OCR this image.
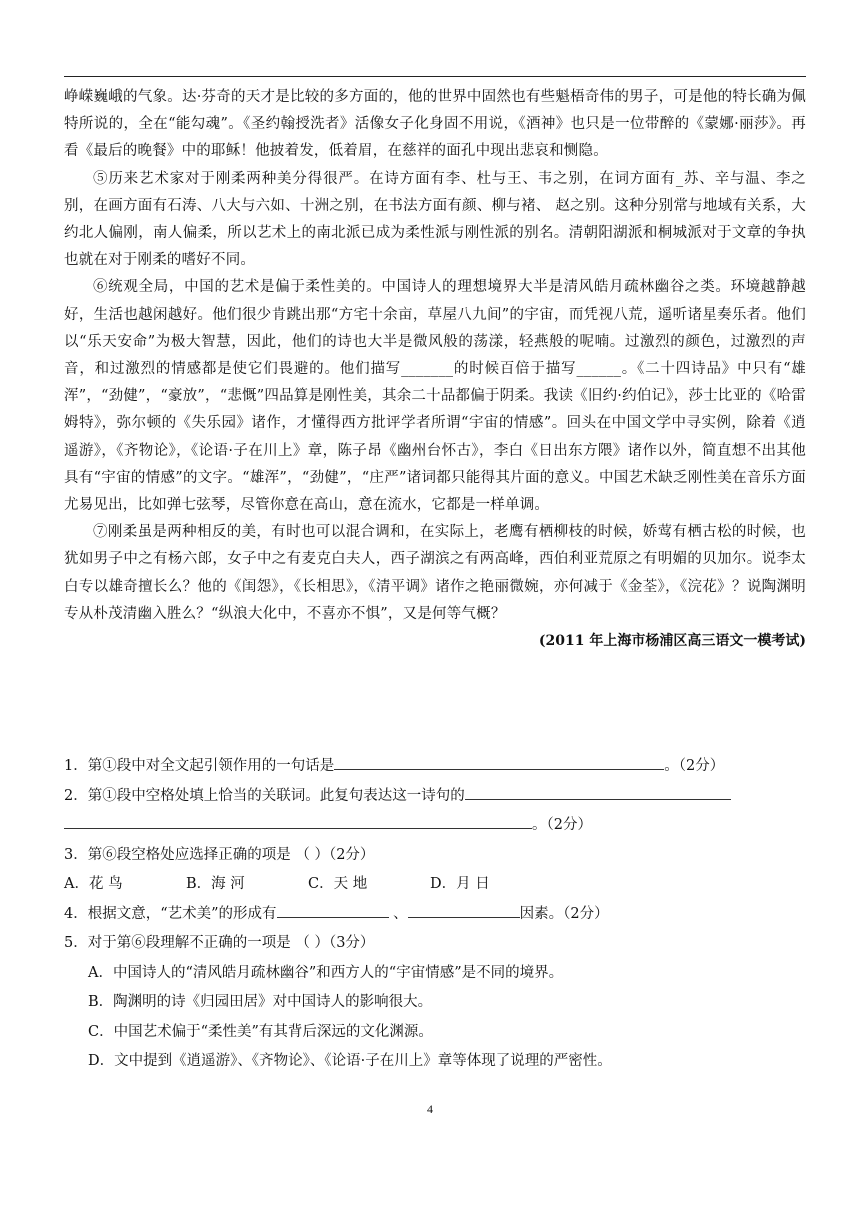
峥嵘巍峨的气象。达·芬奇的天才是比较的多方面的，他的世界中固然也有些魁梧奇伟的男子，可是他的特长确为佩特所说的，全在“能勾魂”。《圣约翰授洗者》活像女子化身固不用说，《酒神》也只是一位带醉的《蒙娜·丽莎》。再看《最后的晚餐》中的耶稣！他披着发，低着眉，在慈祥的面孔中现出悲哀和恻隐。

⑤历来艺术家对于刚柔两种美分得很严。在诗方面有李、杜与王、韦之别，在词方面有_苏、辛与温、李之别，在画方面有石涛、八大与六如、十洲之别，在书法方面有颜、柳与褚、 赵之别。这种分别常与地域有关系，大约北人偏刚，南人偏柔，所以艺术上的南北派已成为柔性派与刚性派的别名。清朝阳湖派和桐城派对于文章的争执也就在对于刚柔的嗜好不同。

⑥统观全局，中国的艺术是偏于柔性美的。中国诗人的理想境界大半是清风皓月疏林幽谷之类。环境越静越好，生活也越闲越好。他们很少肯跳出那“方宅十余亩，草屋八九间”的宇宙，而凭视八荒，遥听诸星奏乐者。他们以“乐天安命”为极大智慧，因此，他们的诗也大半是微风般的荡漾，轻燕般的呢喃。过激烈的颜色，过激烈的声音，和过激烈的情感都是使它们畏避的。他们描写_______的时候百倍于描写______。《二十四诗品》中只有“雄浑”，“劲健”，“豪放”，“悲慨”四品算是刚性美，其余二十品都偏于阴柔。我读《旧约·约伯记》，莎士比亚的《哈雷姆特》，弥尔顿的《失乐园》诸作，才懂得西方批评学者所谓“宇宙的情感”。回头在中国文学中寻实例，除着《逍遥游》，《齐物论》，《论语·子在川上》章，陈子昂《幽州台怀古》，李白《日出东方隈》诸作以外，简直想不出其他具有“宇宙的情感”的文字。“雄浑”，“劲健”，“庄严”诸词都只能得其片面的意义。中国艺术缺乏刚性美在音乐方面尤易见出，比如弹七弦琴，尽管你意在高山，意在流水，它都是一样单调。

⑦刚柔虽是两种相反的美，有时也可以混合调和，在实际上，老鹰有栖柳枝的时候，娇莺有栖古松的时候，也犹如男子中之有杨六郎，女子中之有麦克白夫人，西子湖滨之有两高峰，西伯利亚荒原之有明媚的贝加尔。说李太白专以雄奇擅长么？他的《闺怨》，《长相思》，《清平调》诸作之艳丽微婉，亦何减于《金荃》，《浣花》？说陶渊明专从朴茂清幽入胜么？“纵浪大化中，不喜亦不惧”，又是何等气概？

(2011 年上海市杨浦区高三语文一模考试)

1．第①段中对全文起引领作用的一句话是	。（2分）

2．第①段中空格处填上恰当的关联词。此复句表达这一诗句的

。（2分）

3．第⑥段空格处应选择正确的项是 （ ）（2分）

A．花 鸟	B．海 河	C．天 地	D．月 日

4．根据文意，“艺术美”的形成有	、	因素。（2分）

5．对于第⑥段理解不正确的一项是 （ ）（3分）

A．中国诗人的“清风皓月疏林幽谷”和西方人的“宇宙情感”是不同的境界。

B．陶渊明的诗《归园田居》对中国诗人的影响很大。

C．中国艺术偏于“柔性美”有其背后深远的文化渊源。

D．文中提到《逍遥游》、《齐物论》、《论语·子在川上》章等体现了说理的严密性。

4
